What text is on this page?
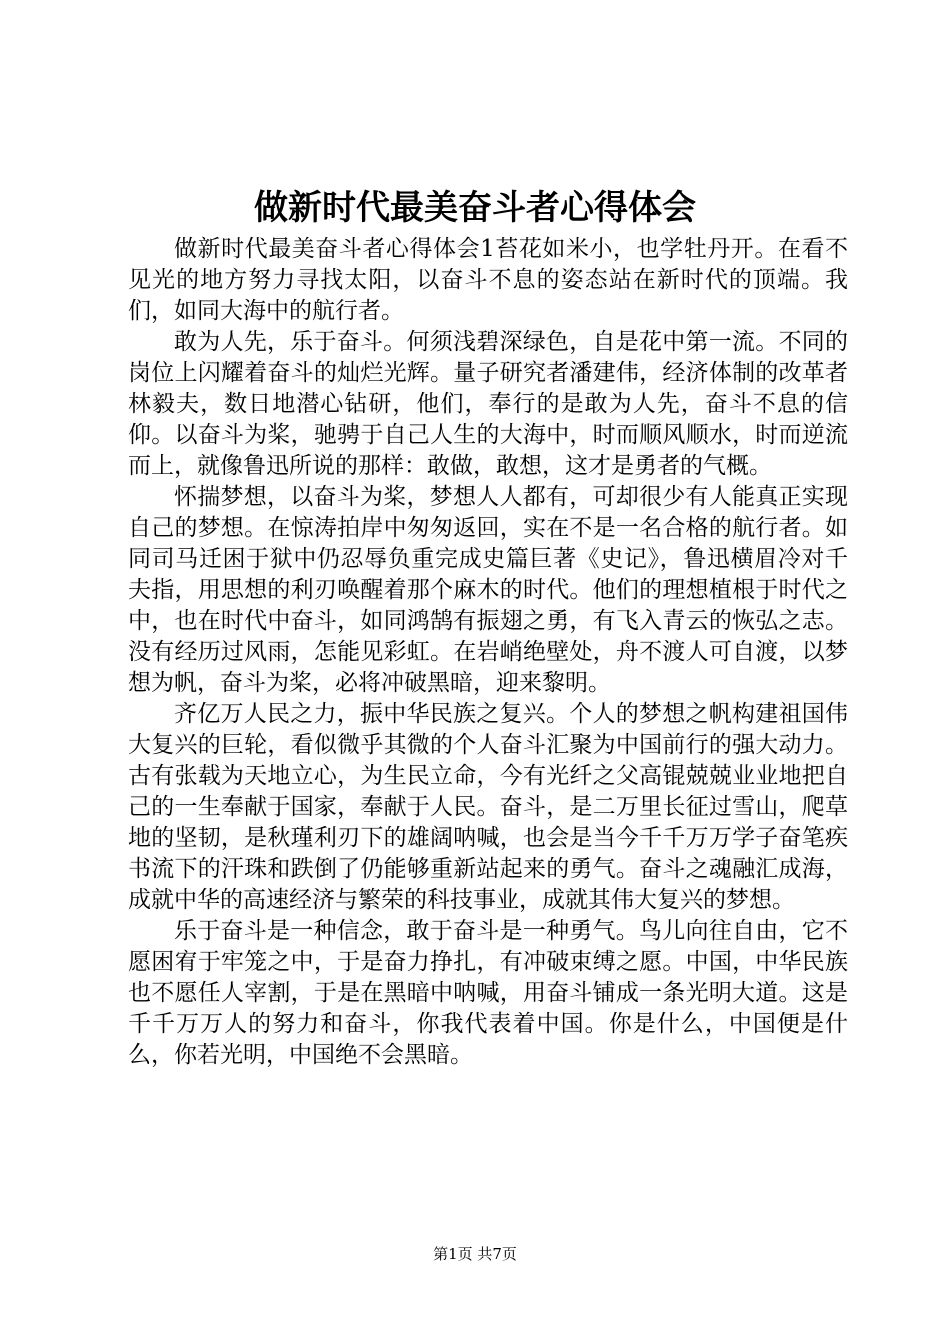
做新时代最美奋斗者心得体会

做新时代最美奋斗者心得体会1苔花如米小，也学牡丹开。在看不见光的地方努力寻找太阳，以奋斗不息的姿态站在新时代的顶端。我们，如同大海中的航行者。

敢为人先，乐于奋斗。何须浅碧深绿色，自是花中第一流。不同的岗位上闪耀着奋斗的灿烂光辉。量子研究者潘建伟，经济体制的改革者林毅夫，数日地潜心钻研，他们，奉行的是敢为人先，奋斗不息的信仰。以奋斗为桨，驰骋于自己人生的大海中，时而顺风顺水，时而逆流而上，就像鲁迅所说的那样：敢做，敢想，这才是勇者的气概。

怀揣梦想，以奋斗为桨，梦想人人都有，可却很少有人能真正实现自己的梦想。在惊涛拍岸中匆匆返回，实在不是一名合格的航行者。如同司马迁困于狱中仍忍辱负重完成史篇巨著《史记》，鲁迅横眉冷对千夫指，用思想的利刃唤醒着那个麻木的时代。他们的理想植根于时代之中，也在时代中奋斗，如同鸿鹄有振翅之勇，有飞入青云的恢弘之志。没有经历过风雨，怎能见彩虹。在岩峭绝壁处，舟不渡人可自渡，以梦想为帆，奋斗为桨，必将冲破黑暗，迎来黎明。

齐亿万人民之力，振中华民族之复兴。个人的梦想之帆构建祖国伟大复兴的巨轮，看似微乎其微的个人奋斗汇聚为中国前行的强大动力。古有张载为天地立心，为生民立命，今有光纤之父高锟兢兢业业地把自己的一生奉献于国家，奉献于人民。奋斗，是二万里长征过雪山，爬草地的坚韧，是秋瑾利刃下的雄阔呐喊，也会是当今千千万万学子奋笔疾书流下的汗珠和跌倒了仍能够重新站起来的勇气。奋斗之魂融汇成海，成就中华的高速经济与繁荣的科技事业，成就其伟大复兴的梦想。

乐于奋斗是一种信念，敢于奋斗是一种勇气。鸟儿向往自由，它不愿困宥于牢笼之中，于是奋力挣扎，有冲破束缚之愿。中国，中华民族也不愿任人宰割，于是在黑暗中呐喊，用奋斗铺成一条光明大道。这是千千万万人的努力和奋斗，你我代表着中国。你是什么，中国便是什么，你若光明，中国绝不会黑暗。

第1页 共7页
